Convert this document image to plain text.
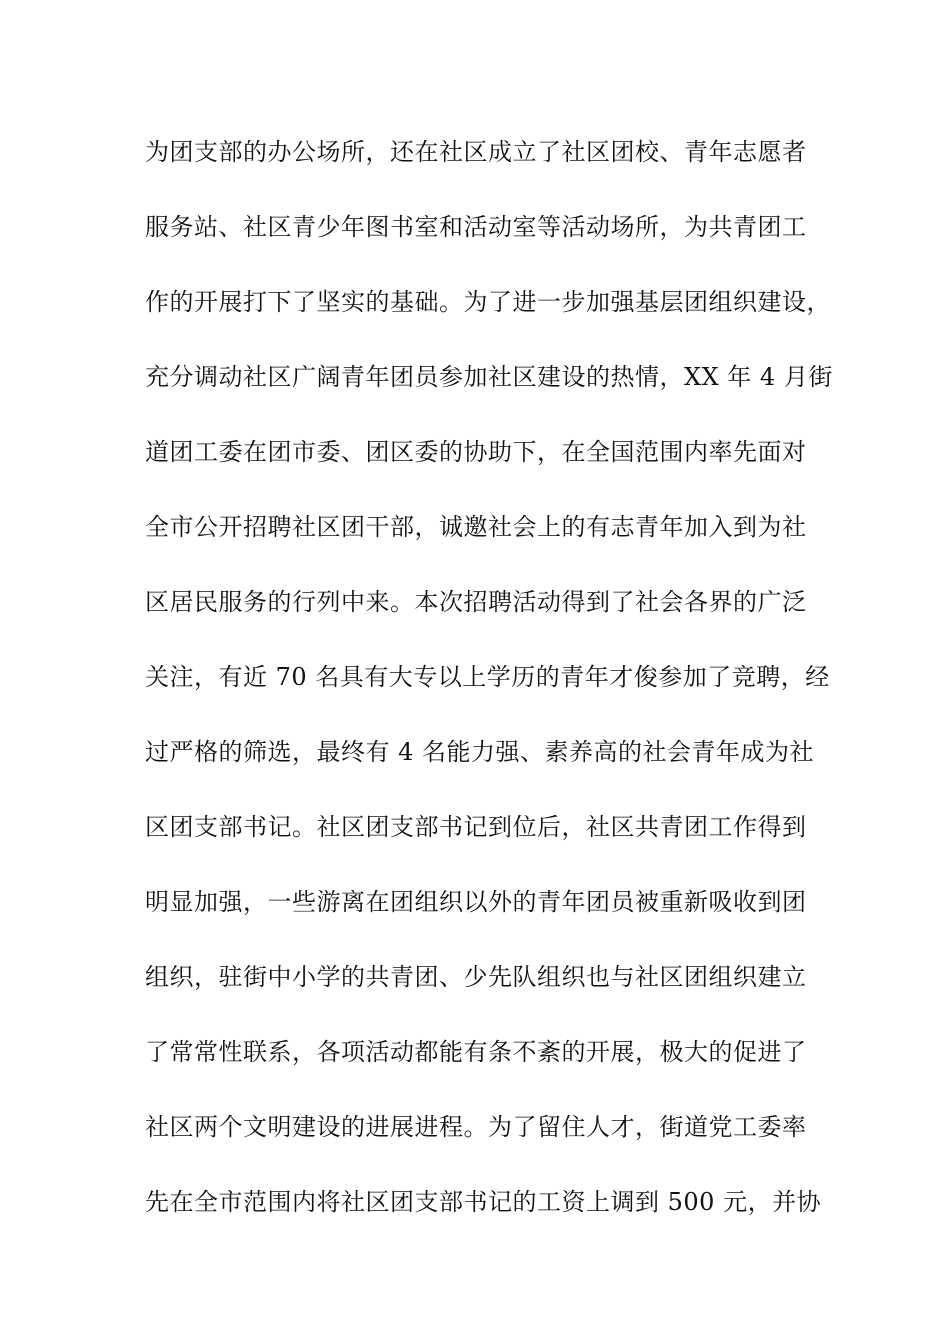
为团支部的办公场所，还在社区成立了社区团校、青年志愿者
服务站、社区青少年图书室和活动室等活动场所，为共青团工
作的开展打下了坚实的基础。为了进一步加强基层团组织建设，
充分调动社区广阔青年团员参加社区建设的热情，XX 年 4 月街
道团工委在团市委、团区委的协助下，在全国范围内率先面对
全市公开招聘社区团干部，诚邀社会上的有志青年加入到为社
区居民服务的行列中来。本次招聘活动得到了社会各界的广泛
关注，有近 70 名具有大专以上学历的青年才俊参加了竞聘，经
过严格的筛选，最终有 4 名能力强、素养高的社会青年成为社
区团支部书记。社区团支部书记到位后，社区共青团工作得到
明显加强，一些游离在团组织以外的青年团员被重新吸收到团
组织，驻街中小学的共青团、少先队组织也与社区团组织建立
了常常性联系，各项活动都能有条不紊的开展，极大的促进了
社区两个文明建设的进展进程。为了留住人才，街道党工委率
先在全市范围内将社区团支部书记的工资上调到 500 元，并协
